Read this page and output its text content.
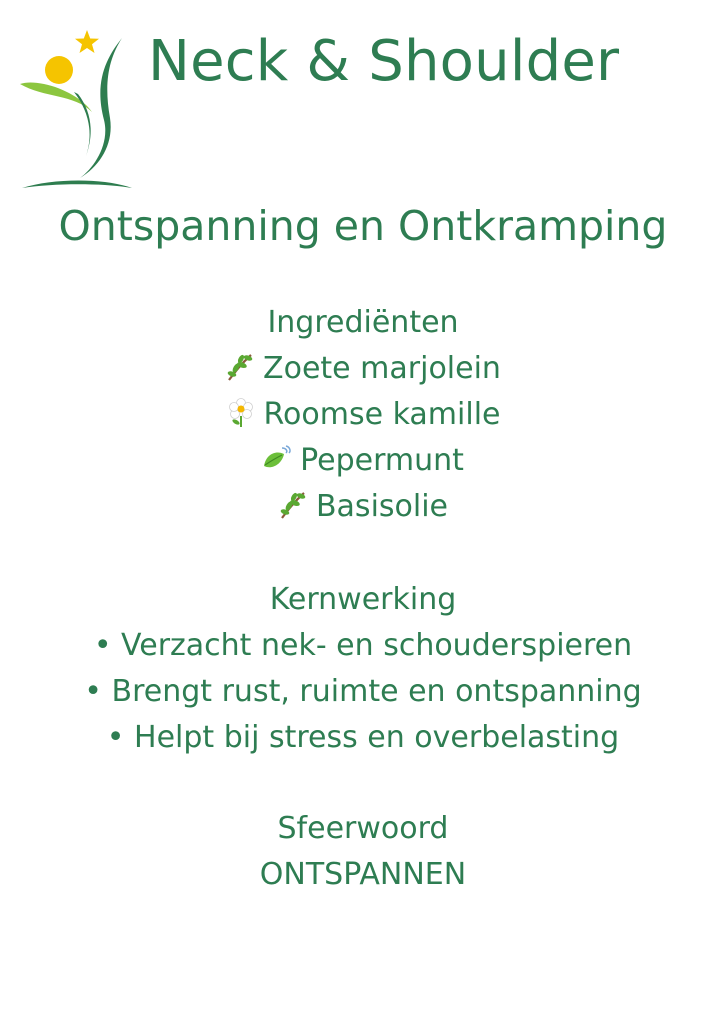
Neck & Shoulder
Ontspanning en Ontkramping
Ingrediënten
Zoete marjolein
Roomse kamille
Pepermunt
Basisolie
Kernwerking
• Verzacht nek- en schouderspieren
• Brengt rust, ruimte en ontspanning
• Helpt bij stress en overbelasting
Sfeerwoord
ONTSPANNEN
